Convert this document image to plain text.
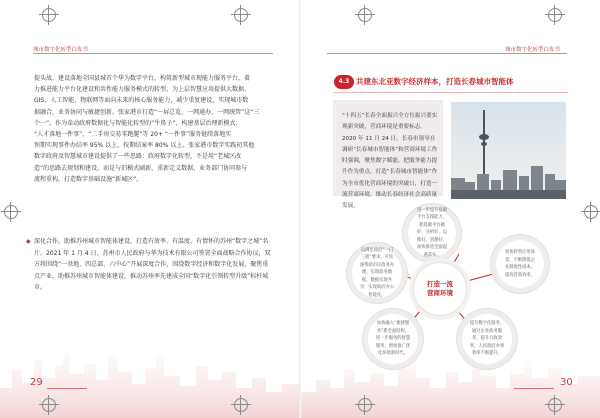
城市数字化转型白皮书
提头战、建设落地全国县城首个华为数字平台，构筑新型城市现能力服务平台，着
力推进能力平台化建设和共性能力服务模式的转型。为上层智慧应用提供大数据、
GIS、人工智能、物联网等面向未来的核心服务能力，减少重复建设，实现城市数
据融合，业务协同与敏捷创新。张家港市打造“一屏总览、一网通办、一网统管”这“三
个一”，作为牵动政府数据化与智能化转型的“牛鼻子”，构建基层治理新模式：
“人才落地一件事”、“二手房交易零跑腿”等 20+ “一件事”服务链续落地实
预期实现事件办结率 95% 以上，按期结案率 80% 以上。张家港市数字实践初其他
数字政府及智慧城市建设提供了一些思路：政府数字化转型，不是用“老城区改
造”的思路去规划和建设，而是与旧模式刷新，重新定义数据、业务部门协同参与
流程重构，打造数字基础设施“新城区”。
◆ 深化合作，助推苏州城市智能体建设，打造有效率、有温度、有情怀的苏州“数字之城”名片。2021 年 1 月 4 日，苏州市人民政府与华为技术有限公司签署全面战略合作协议，双方将围绕“一基地、四总部、六中心”开展深度合作，围绕数字经济和数字化发展，聚焦重点产业，助推苏州城市智能体建设，推动苏州率先建成全国“数字化引领转型升级”标杆城市。
29
城市数字化转型白皮书
4.3 共建东北亚数字经济样本，打造长春城市智能体
“十四五”长春全面振兴全方位振兴要实现新突破，营商环境是重要标志。2020 年 11 月 24 日，长春市领导在调研“长春城市智能体”和营商环境工作时强调，聚焦数字赋能，把服务能力提升作为重点，打造“长春城市智能体”作为全市优化营商环境的突破口，打造一流营商环境，推动长春经济社会高质量发展。
进一步提升基础平台支撑能力，把基础平台做好、分析好、运维好、管理好，加快推进全面提速落实。
以满足政府“一门三就”要求，可快速帮助市民政务办理，实现政务数据、数据实现共享，实现政府办公智能化。
加快转型应用场景，不断降低企业制度性成本，提高营商效率。
加快融入“便捷服务”新全面结构，进一步服务的智慧服务，增加推广优化环境新时代。
提升数字化服务，通过企业政务服务，提升行政效率，人民政府办事效率不断提升。
打造一流
营商环境
30
